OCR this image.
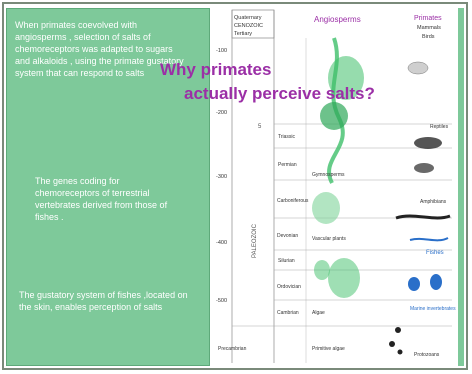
When primates coevolved with angiosperms , selection of salts of chemoreceptors was adapted to sugars and alkaloids , using the primate gustatory system that can respond to salts
The genes coding for chemoreceptors of terrestrial vertebrates derived from those of fishes .
The gustatory system of fishes ,located on the skin, enables perception of salts
Quaternary
CENOZOIC
Tertiary
Angiosperms	Primates
Mammals
Birds
PALEOZOIC
5
-100
-200
-300
-400
-500
Triassic
Permian
Carboniferous
Devonian
Silurian
Ordovician
Cambrian
Precambrian
Gymnosperms
Vascular plants
Algae
Primitive algae
Amphibians
Reptiles
Fishes
Marine invertebrates
Protozoans
Why primates
actually perceive salts?
